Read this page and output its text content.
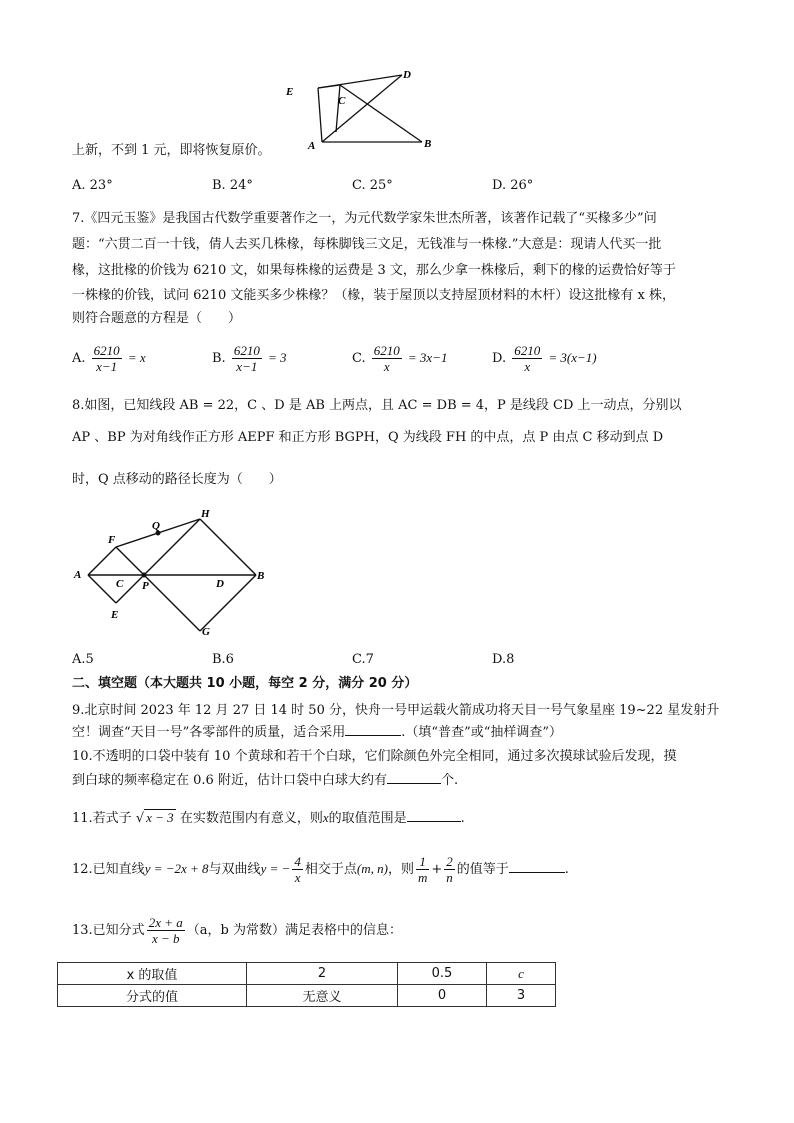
E
D
C
A	B
上新，不到 1 元，即将恢复原价。
A. 23°	B. 24°	C. 25°	D. 26°
7.《四元玉鉴》是我国古代数学重要著作之一，为元代数学家朱世杰所著，该著作记载了“买椽多少”问
题：“六贯二百一十钱，倩人去买几株椽，每株脚钱三文足，无钱准与一株椽.”大意是：现请人代买一批
椽，这批椽的价钱为 6210 文，如果每株椽的运费是 3 文，那么少拿一株椽后，剩下的椽的运费恰好等于
一株椽的价钱，试问 6210 文能买多少株椽？（椽，装于屋顶以支持屋顶材料的木杆）设这批椽有 x 株，
则符合题意的方程是（　　）
A. $\frac{6210}{x-1} = x$	B. $\frac{6210}{x-1} = 3$	C. $\frac{6210}{x} = 3x-1$	D. $\frac{6210}{x} = 3(x-1)$
8.如图，已知线段 AB = 22，C 、D 是 AB 上两点，且 AC = DB = 4，P 是线段 CD 上一动点，分别以
AP 、BP 为对角线作正方形 AEPF 和正方形 BGPH，Q 为线段 FH 的中点，点 P 由点 C 移动到点 D
时，Q 点移动的路径长度为（　　）
F
Q
H
A
C P	D
B
E
G
A.5	B.6	C.7	D.8
二、填空题（本大题共 10 小题，每空 2 分，满分 20 分）
9.北京时间 2023 年 12 月 27 日 14 时 50 分，快舟一号甲运载火箭成功将天目一号气象星座 19~22 星发射升
空！调查“天目一号”各零部件的质量，适合采用	.（填“普查”或“抽样调查”）
10.不透明的口袋中装有 10 个黄球和若干个白球，它们除颜色外完全相同，通过多次摸球试验后发现，摸
到白球的频率稳定在 0.6 附近，估计口袋中白球大约有	个.
11.若式子 √ x − 3 在实数范围内有意义，则x的取值范围是	.
12.已知直线y = −2x + 8与双曲线y = − $\frac{4}{x}$ 相交于点(m, n)，则 $\frac{1}{m} + \frac{2}{n}$ 的值等于	.
13.已知分式 $\frac{2x + a}{x - b} (a$，b 为常数）满足表格中的信息：
x 的取值	2	0.5	c
分式的值	无意义	0	3
